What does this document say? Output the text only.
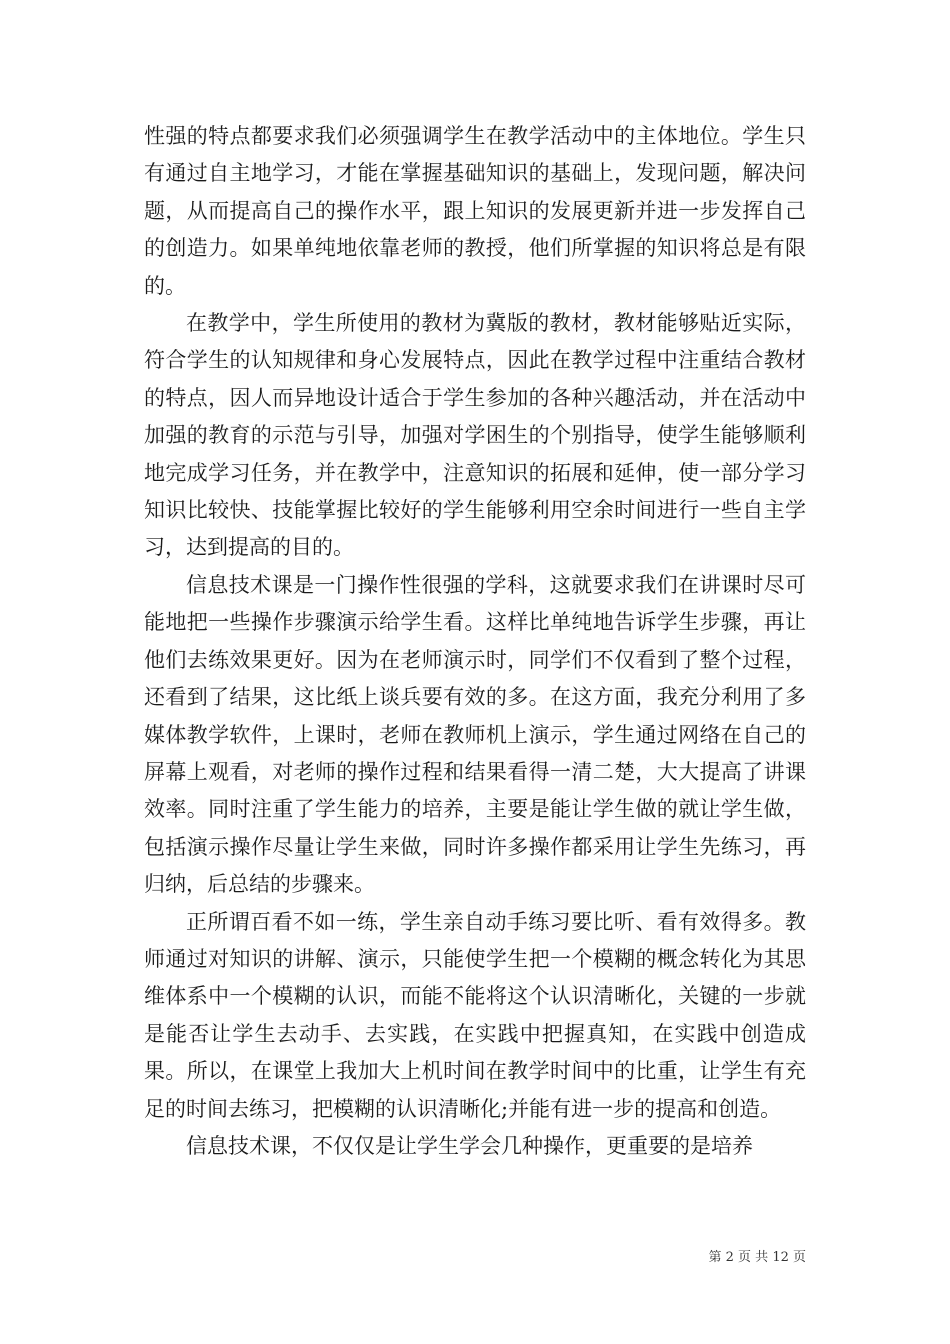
性强的特点都要求我们必须强调学生在教学活动中的主体地位。学生只有通过自主地学习，才能在掌握基础知识的基础上，发现问题，解决问题，从而提高自己的操作水平，跟上知识的发展更新并进一步发挥自己的创造力。如果单纯地依靠老师的教授，他们所掌握的知识将总是有限的。

在教学中，学生所使用的教材为冀版的教材，教材能够贴近实际，符合学生的认知规律和身心发展特点，因此在教学过程中注重结合教材的特点，因人而异地设计适合于学生参加的各种兴趣活动，并在活动中加强的教育的示范与引导，加强对学困生的个别指导，使学生能够顺利地完成学习任务，并在教学中，注意知识的拓展和延伸，使一部分学习知识比较快、技能掌握比较好的学生能够利用空余时间进行一些自主学习，达到提高的目的。

信息技术课是一门操作性很强的学科，这就要求我们在讲课时尽可能地把一些操作步骤演示给学生看。这样比单纯地告诉学生步骤，再让他们去练效果更好。因为在老师演示时，同学们不仅看到了整个过程，还看到了结果，这比纸上谈兵要有效的多。在这方面，我充分利用了多媒体教学软件，上课时，老师在教师机上演示，学生通过网络在自己的屏幕上观看，对老师的操作过程和结果看得一清二楚，大大提高了讲课效率。同时注重了学生能力的培养，主要是能让学生做的就让学生做，包括演示操作尽量让学生来做，同时许多操作都采用让学生先练习，再归纳，后总结的步骤来。

正所谓百看不如一练，学生亲自动手练习要比听、看有效得多。教师通过对知识的讲解、演示，只能使学生把一个模糊的概念转化为其思维体系中一个模糊的认识，而能不能将这个认识清晰化，关键的一步就是能否让学生去动手、去实践，在实践中把握真知，在实践中创造成果。所以，在课堂上我加大上机时间在教学时间中的比重，让学生有充足的时间去练习，把模糊的认识清晰化;并能有进一步的提高和创造。

信息技术课，不仅仅是让学生学会几种操作，更重要的是培养

第 2 页 共 12 页
